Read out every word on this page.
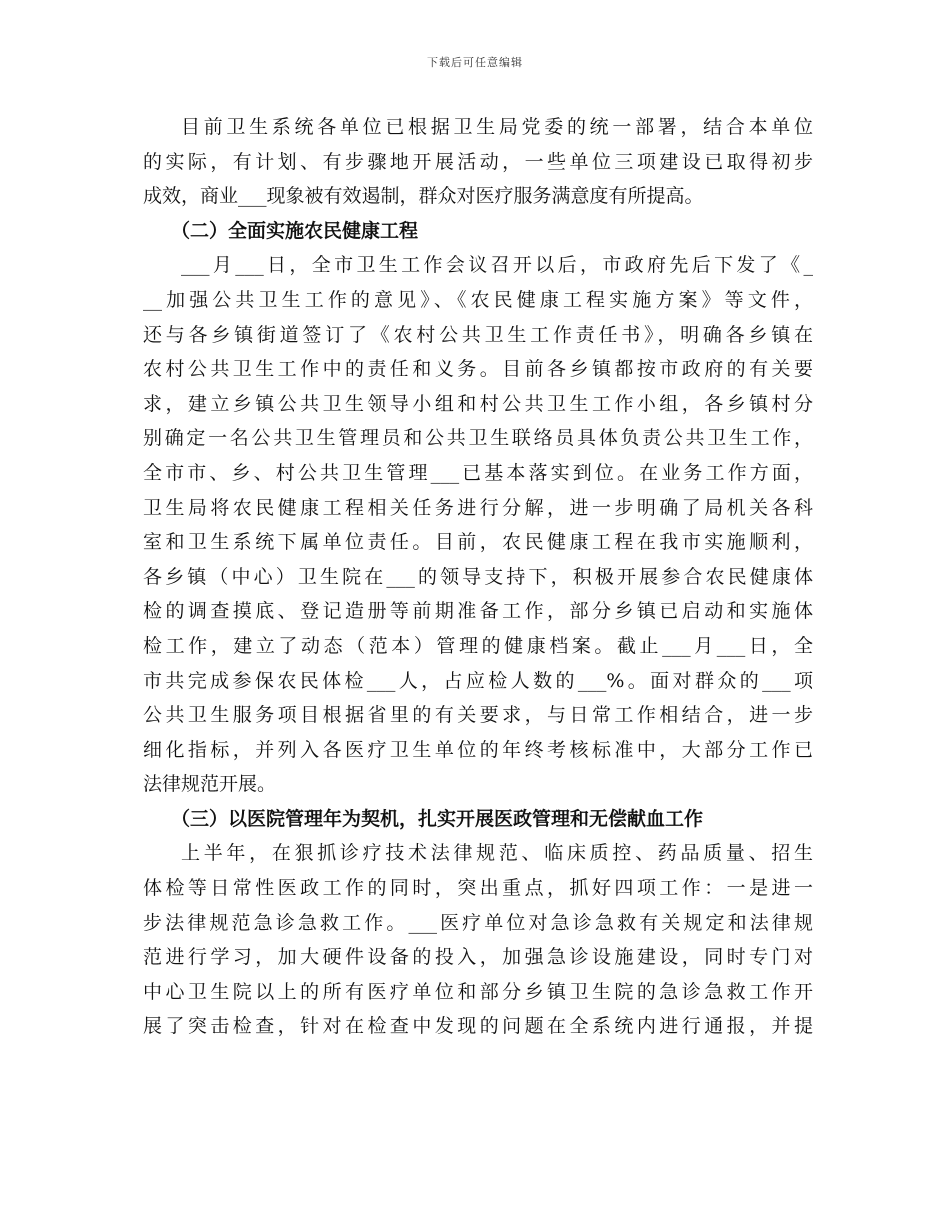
下载后可任意编辑
目前卫生系统各单位已根据卫生局党委的统一部署，结合本单位
的实际，有计划、有步骤地开展活动，一些单位三项建设已取得初步
成效，商业___现象被有效遏制，群众对医疗服务满意度有所提高。
（二）全面实施农民健康工程
___月___日，全市卫生工作会议召开以后，市政府先后下发了《_
__加强公共卫生工作的意见》、《农民健康工程实施方案》等文件，
还与各乡镇街道签订了《农村公共卫生工作责任书》，明确各乡镇在
农村公共卫生工作中的责任和义务。目前各乡镇都按市政府的有关要
求，建立乡镇公共卫生领导小组和村公共卫生工作小组，各乡镇村分
别确定一名公共卫生管理员和公共卫生联络员具体负责公共卫生工作，
全市市、乡、村公共卫生管理___已基本落实到位。在业务工作方面，
卫生局将农民健康工程相关任务进行分解，进一步明确了局机关各科
室和卫生系统下属单位责任。目前，农民健康工程在我市实施顺利，
各乡镇（中心）卫生院在___的领导支持下，积极开展参合农民健康体
检的调查摸底、登记造册等前期准备工作，部分乡镇已启动和实施体
检工作，建立了动态（范本）管理的健康档案。截止___月___日，全
市共完成参保农民体检___人，占应检人数的___%。面对群众的___项
公共卫生服务项目根据省里的有关要求，与日常工作相结合，进一步
细化指标，并列入各医疗卫生单位的年终考核标准中，大部分工作已
法律规范开展。
（三）以医院管理年为契机，扎实开展医政管理和无偿献血工作
上半年，在狠抓诊疗技术法律规范、临床质控、药品质量、招生
体检等日常性医政工作的同时，突出重点，抓好四项工作：一是进一
步法律规范急诊急救工作。___医疗单位对急诊急救有关规定和法律规
范进行学习，加大硬件设备的投入，加强急诊设施建设，同时专门对
中心卫生院以上的所有医疗单位和部分乡镇卫生院的急诊急救工作开
展了突击检查，针对在检查中发现的问题在全系统内进行通报，并提
